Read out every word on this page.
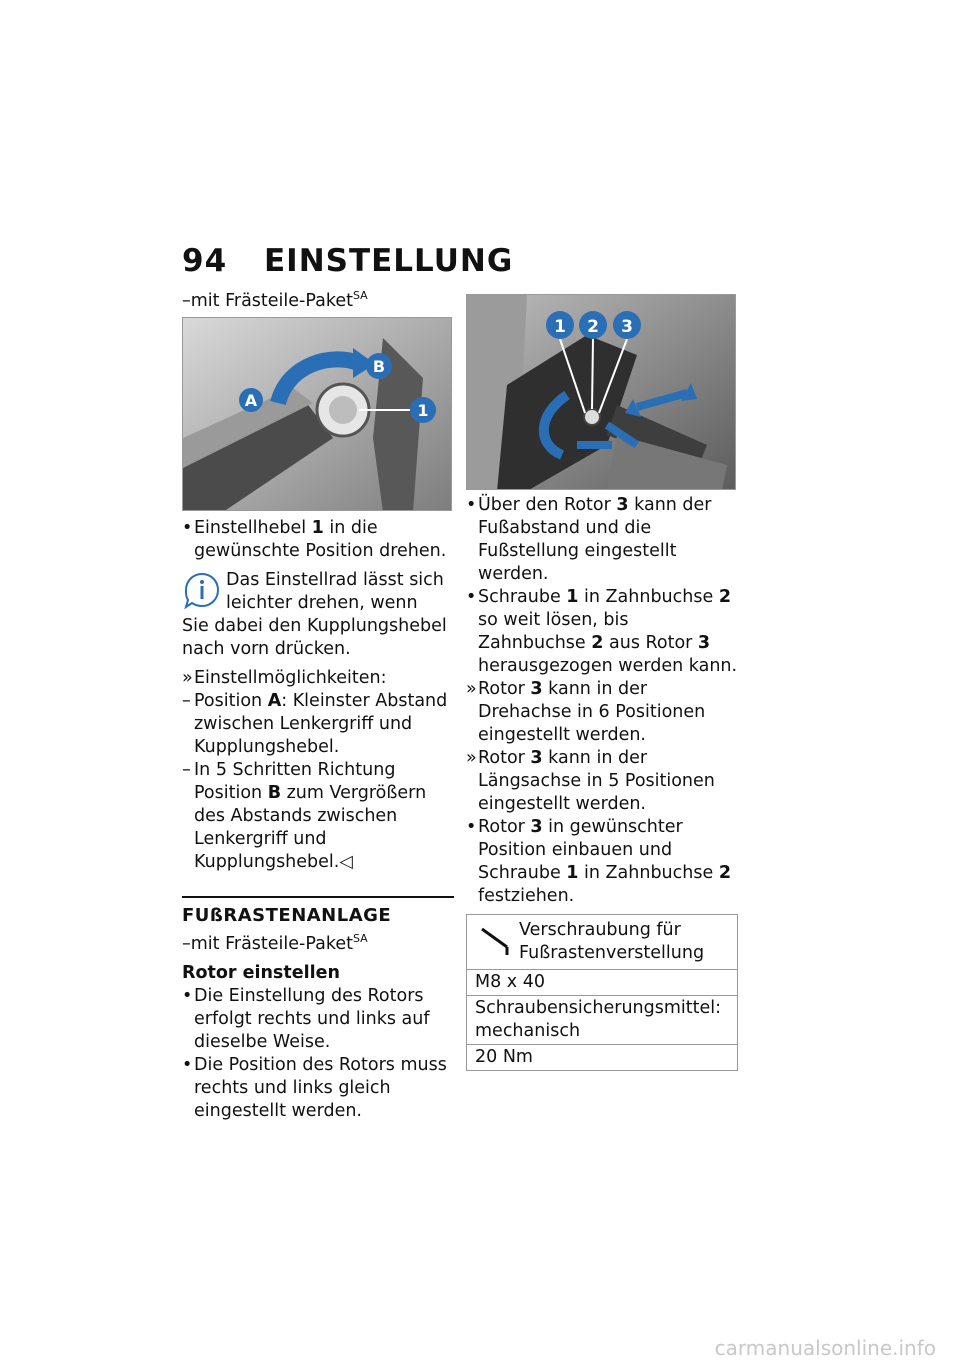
94	EINSTELLUNG
–mit Frästeile-Paket$^{SA}$
A
B
1
• Einstellhebel 1 in die gewünschte Position drehen.
Das Einstellrad lässt sich leichter drehen, wenn
Sie dabei den Kupplungshebel nach vorn drücken.
» Einstellmöglichkeiten:
– Position A: Kleinster Abstand zwischen Lenkergriff und Kupplungshebel.
– In 5 Schritten Richtung Position B zum Vergrößern des Abstands zwischen Lenkergriff und Kupplungshebel.◁
FUßRASTENANLAGE
–mit Frästeile-Paket$^{SA}$
Rotor einstellen
• Die Einstellung des Rotors erfolgt rechts und links auf dieselbe Weise.
• Die Position des Rotors muss rechts und links gleich eingestellt werden.
1 2 3
• Über den Rotor 3 kann der Fußabstand und die Fußstellung eingestellt werden.
• Schraube 1 in Zahnbuchse 2 so weit lösen, bis Zahnbuchse 2 aus Rotor 3 herausgezogen werden kann.
» Rotor 3 kann in der Drehachse in 6 Positionen eingestellt werden.
» Rotor 3 kann in der Längsachse in 5 Positionen eingestellt werden.
• Rotor 3 in gewünschter Position einbauen und Schraube 1 in Zahnbuchse 2 festziehen.
Verschraubung für Fußrastenverstellung
M8 x 40
Schraubensicherungsmittel: mechanisch
20 Nm
carmanualsonline.info
